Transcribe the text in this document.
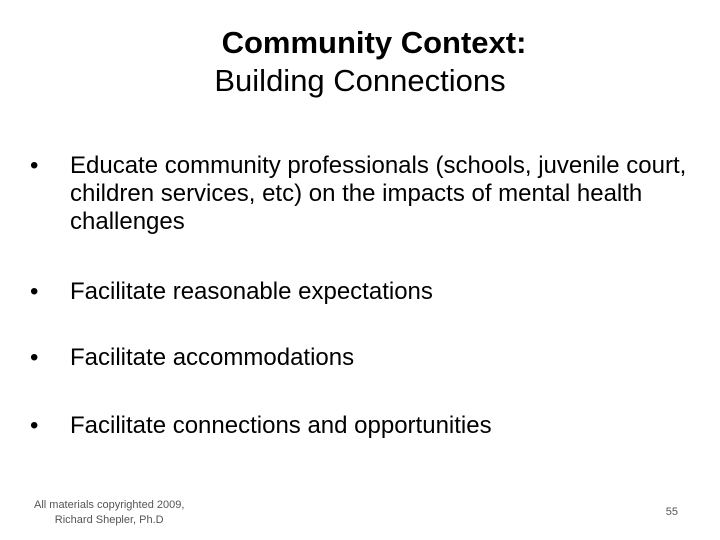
Community Context:
Building Connections
•	Educate community professionals (schools, juvenile court, children services, etc) on the impacts of mental health challenges
•	Facilitate reasonable expectations
•	Facilitate accommodations
•	Facilitate connections and opportunities
All materials copyrighted 2009,
Richard Shepler, Ph.D
55
